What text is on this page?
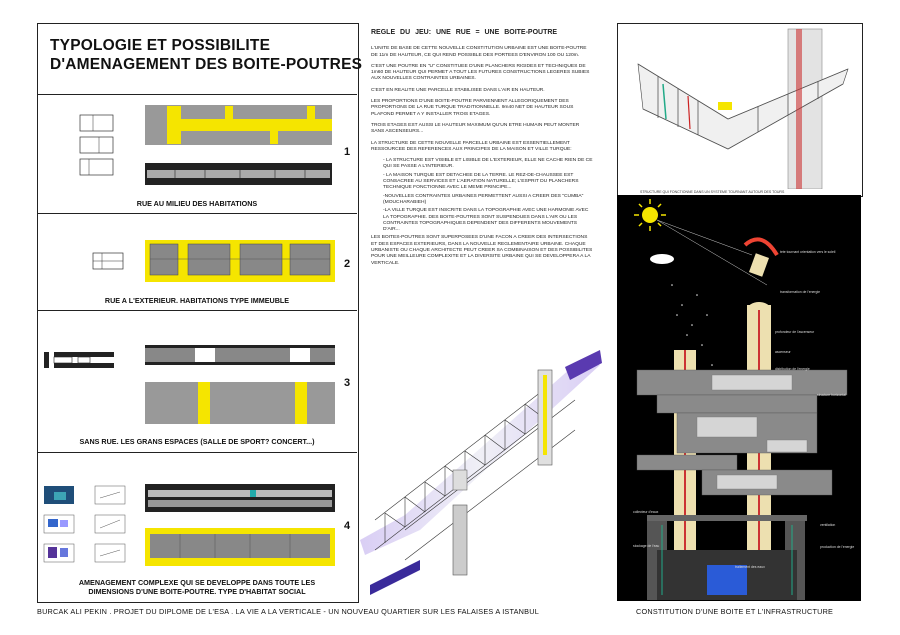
TYPOLOGIE ET POSSIBILITE
D'AMENAGEMENT DES BOITE-POUTRES
1
RUE AU MILIEU DES HABITATIONS
2
RUE A L'EXTERIEUR. HABITATIONS TYPE IMMEUBLE
3
SANS RUE. LES GRANS ESPACES (SALLE DE SPORT? CONCERT...)
4
AMENAGEMENT COMPLEXE QUI SE DEVELOPPE DANS TOUTE LES
DIMENSIONS D'UNE BOITE-POUTRE. TYPE D'HABITAT SOCIAL
REGLE DU JEU: UNE RUE = UNE BOITE-POUTRE

L'UNITE DE BASE DE CETTE NOUVELLE CONSTITUTION URBAINE EST UNE BOITE-POUTRE DE 11m DE HAUTEUR, CE QUI REND POSSIBLE DES PORTEES D'ENVIRON 100 OU 120m.

C'EST UNE POUTRE EN "U" CONSTITUEE D'UNE PLANCHERS RIGIDES ET TECHNIQUES DE 1m60 DE HAUTEUR QUI PERMET A TOUT LES FUTURES CONSTRUCTIONS LEGERES SUBIES AUX NOUVELLES CONTRAINTES URBAINES.

C'EST EN REALITE UNE PARCELLE STABILISEE DANS L'AIR EN HAUTEUR.

LES PROPORTIONS D'UNE BOITE-POUTRE PARVIENNENT ALLEGORIQUEMENT DES PROPORTIONS DE LA RUE TURQUE TRADITIONNELLE. 9m40 NET DE HAUTEUR SOUS PLAFOND PERMET A Y INSTALLER TROIS ETAGES.

TROIS ETAGES EST AUSSI LE HAUTEUR MAXIMUM QU'UN ETRE HUMAIN PEUT MONTER SANS ASCENSEURS...

LA STRUCTURE DE CETTE NOUVELLE PARCELLE URBAINE EST ESSENTIELLEMENT RESSOURCEE DES REFERENCES AUX PRINCIPES DE LA MAISON ET VILLE TURQUE:

- LA STRUCTURE EST VISIBLE ET LISIBLE DE L'EXTERIEUR, ELLE NE CACHE RIEN DE CE QUI SE PASSE A L'INTERIEUR.

- LA MAISON TURQUE EST DETACHEE DE LA TERRE. LE REZ-DE-CHAUSSEE EST CONSACREE AU SERVICES ET L'AERATION NATURELLE; L'ESPRIT DU PLANCHERS TECHNIQUE FONCTIONNE AVEC LE MEME PRINCIPE...

-NOUVELLES CONTRAINTES URBAINES PERMETTENT AUSSI A CREER DES "CUMBA" (MOUCHARABIEH)

-LA VILLE TURQUE EST INSCRITE DANS LA TOPOGRAPHIE AVEC UNE HARMONIE AVEC LA TOPOGRAPHIE. DES BOITE-POUTRES SONT SUSPENDUES DANS L'AIR OU LES CONTRAINTES TOPOGRAPHIQUES DEPENDENT DES DIFFERENTS MOUVEMENTS D'AIR...

LES BOITES-POUTRES SONT SUPERPOSEES D'UNE FACON A CREER DES INTERSECTIONS ET DES ESPACES EXTERIEURS, DANS LA NOUVELLE REGLEMENTAIRE URBAINE. CHAQUE URBANISTE OU CHAQUE ARCHITECTE PEUT CREER SA COMBINAISON ET DES POSSIBILITES POUR UNE MEILLEURE COMPLEXITE ET LA DIVERSITE URBAINE QUI SE DEVELOPPERA A LA VERTICALE.

STRUCTURE QUI FONCTIONNE DANS UN SYSTEME TOURNANT AUTOUR DES TOURS
tete tournant orientation vers le soleil
transformation de l'energie
profondeur de l'ascenseur
ascenseur
distribution de l'energie
structure horizontal
collecteur d'eaux
ventilation
production de l'energie
stockage de l'eau
traitement des eaux
BURCAK ALI PEKIN . PROJET DU DIPLOME DE L'ESA . LA VIE A LA VERTICALE - UN NOUVEAU QUARTIER SUR LES FALAISES A ISTANBUL	CONSTITUTION D'UNE BOITE ET L'INFRASTRUCTURE
